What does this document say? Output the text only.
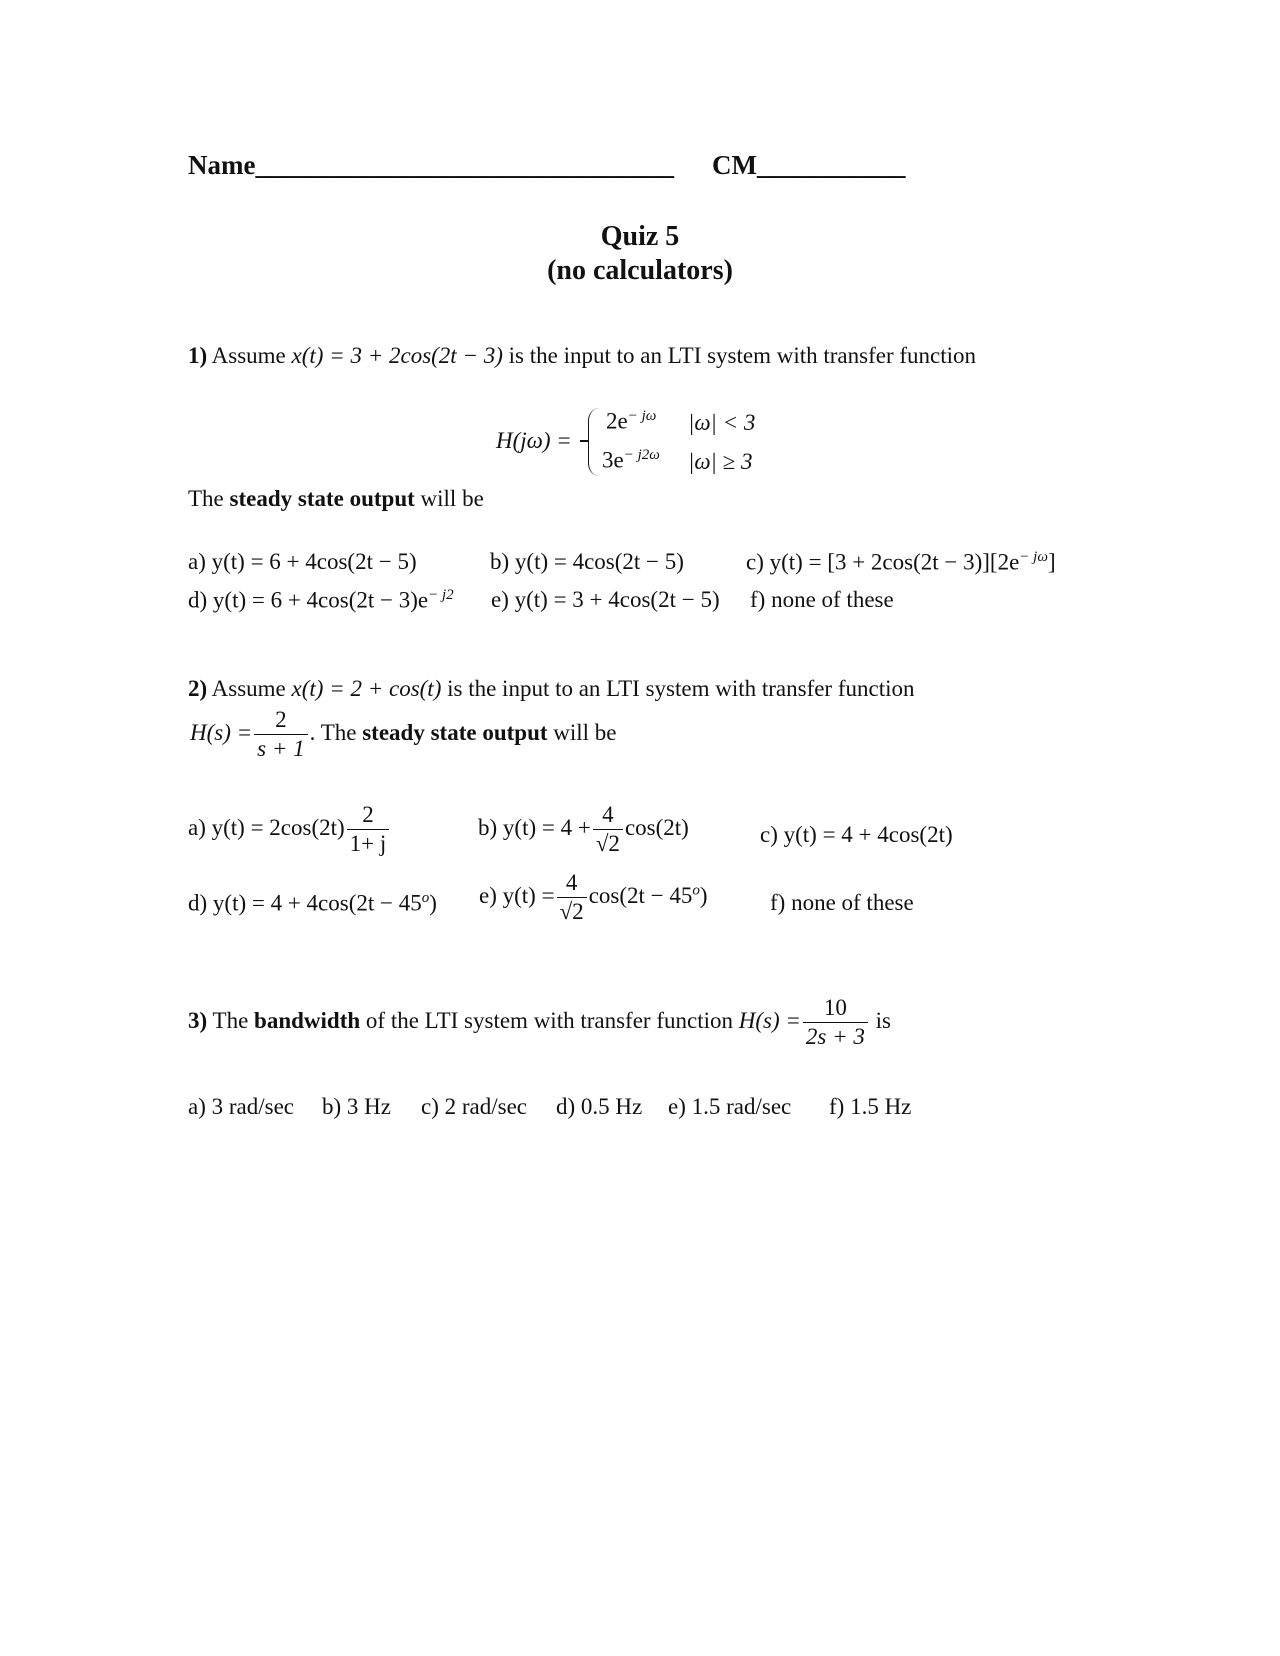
Name_______________________________ CM___________
Quiz 5
(no calculators)
1) Assume x(t) = 3 + 2cos(2t − 3) is the input to an LTI system with transfer function
H(jω) =
$2e^{- j\omega}$ |ω| < 3
$3e^{- j2\omega}$ |ω| ≥ 3
The steady state output will be
a) y(t) = 6 + 4cos(2t − 5)	b) y(t) = 4cos(2t − 5)	c) $y(t) = [3 + 2\cos(2t - 3)][2e^{- j\omega}]$
d) $y(t) = 6 + 4\cos(2t - 3)e^{- j2}$ e) y(t) = 3 + 4cos(2t − 5) f) none of these
2) Assume x(t) = 2 + cos(t) is the input to an LTI system with transfer function
$H(s) = \frac{2}{s + 1}$ . The steady state output will be
a) $y(t) = 2\cos(2t) \frac{2}{1+ j}$	b) $y(t) = 4 + \frac{4}{√2} \cos(2t)$	c) y(t) = 4 + 4cos(2t)
d) $y(t) = 4 + 4\cos(2t - 45^o)$ e) $y(t) = \frac{4}{√2} \cos(2t - 45^o)$	f) none of these
3) The bandwidth of the LTI system with transfer function $H(s) = \frac{10}{2s + 3}$ is
a) 3 rad/sec b) 3 Hz c) 2 rad/sec d) 0.5 Hz e) 1.5 rad/sec f) 1.5 Hz
